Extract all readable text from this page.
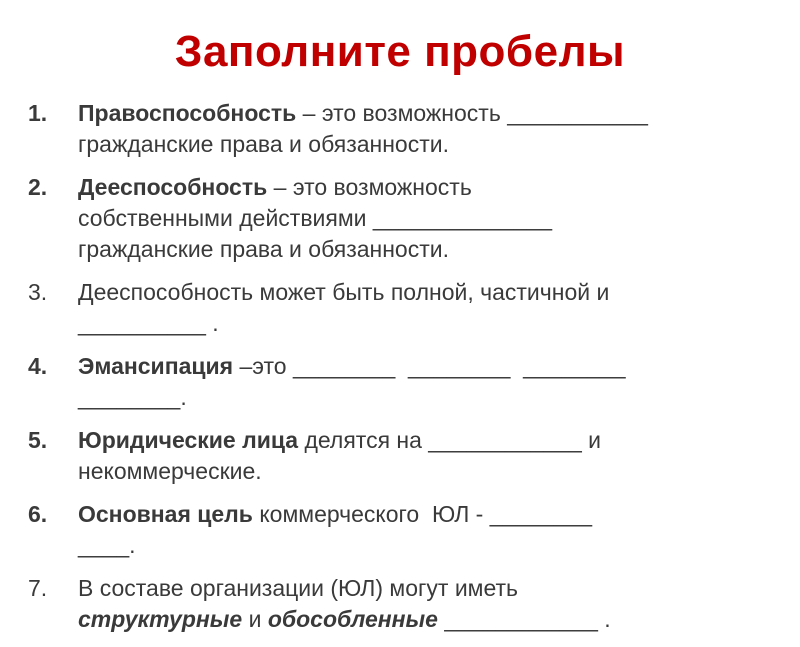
Заполните пробелы
1.	Правоспособность – это возможность ___________
гражданские права и обязанности.
2.	Дееспособность – это возможность
собственными действиями ______________
гражданские права и обязанности.
3.	Дееспособность может быть полной, частичной и
__________ .
4.	Эмансипация –это ________  ________  ________
________.
5.	Юридические лица делятся на ____________ и
некоммерческие.
6.	Основная цель коммерческого  ЮЛ - ________
____.
7.	В составе организации (ЮЛ) могут иметь
структурные и обособленные ____________ .
